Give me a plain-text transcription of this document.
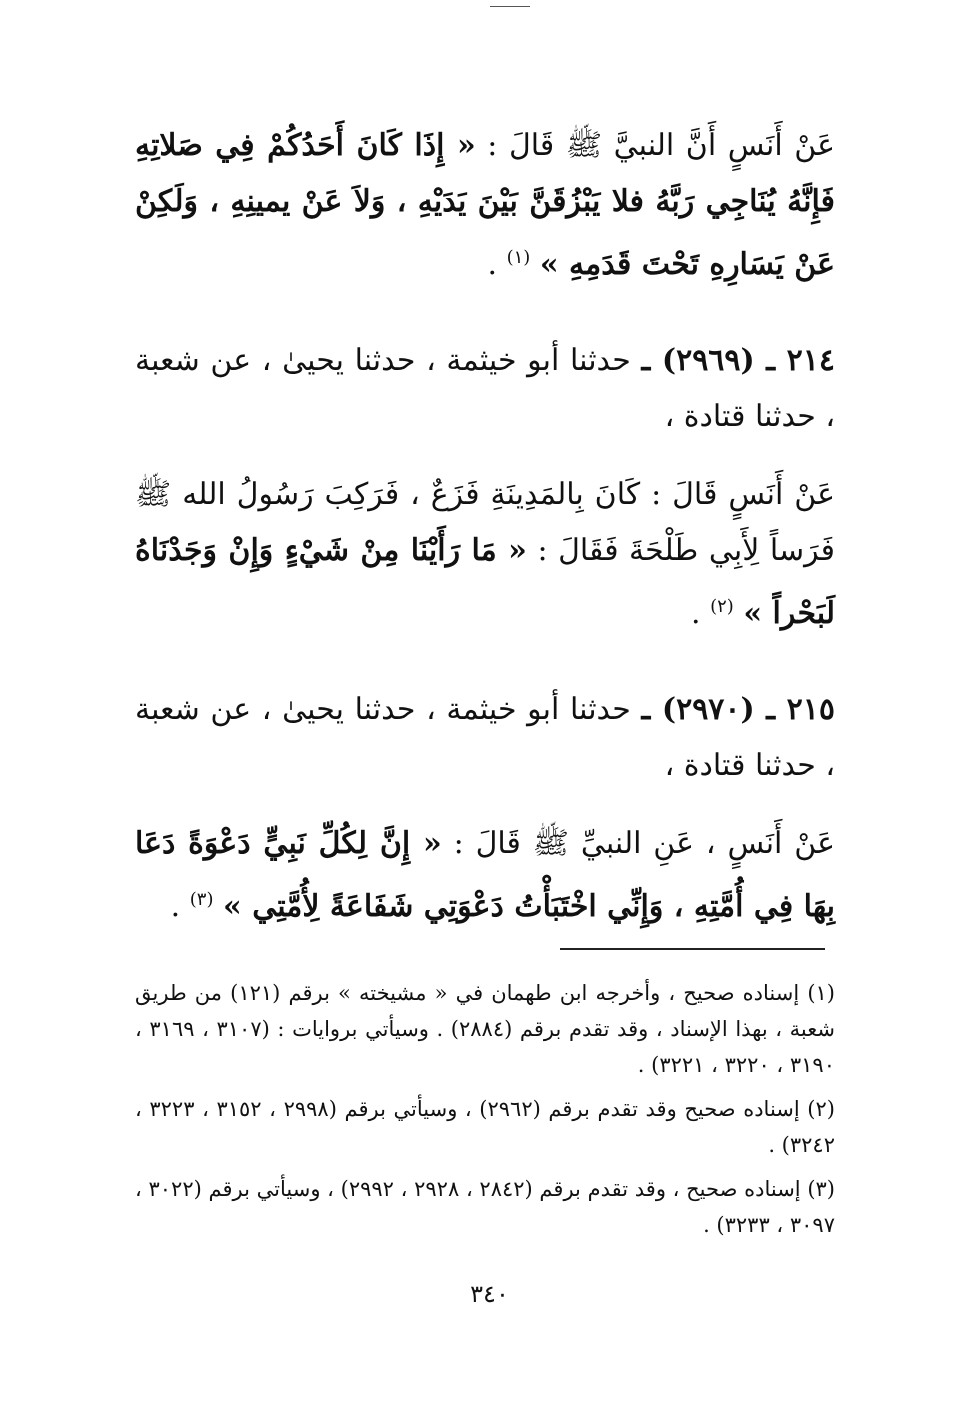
عَنْ أَنَسٍ أَنَّ النبيَّ ﷺ قَالَ : « إِذَا كَانَ أَحَدُكُمْ فِي صَلاتِهِ فَإِنَّهُ يُنَاجِي رَبَّهُ فلا يَبْزُقَنَّ بَيْنَ يَدَيْهِ ، وَلاَ عَنْ يمينِهِ ، وَلَكِنْ عَنْ يَسَارِهِ تَحْتَ قَدَمِهِ » $^{(١)}$ .

٢١٤ ـ (٢٩٦٩) ـ حدثنا أبو خيثمة ، حدثنا يحيىٰ ، عن شعبة ، حدثنا قتادة ،

عَنْ أَنَسٍ قَالَ : كَانَ بِالمَدِينَةِ فَزَعٌ ، فَرَكِبَ رَسُولُ الله ﷺ فَرَساً لِأَبِي طَلْحَةَ فَقَالَ : « مَا رَأَيْنَا مِنْ شَيْءٍ وَإِنْ وَجَدْنَاهُ لَبَحْراً » $^{(٢)}$ .

٢١٥ ـ (٢٩٧٠) ـ حدثنا أبو خيثمة ، حدثنا يحيىٰ ، عن شعبة ، حدثنا قتادة ،

عَنْ أَنَسٍ ، عَنِ النبيِّ ﷺ قَالَ : « إِنَّ لِكُلِّ نَبِيٍّ دَعْوَةً دَعَا بِهَا فِي أُمَّتِهِ ، وَإِنِّي اخْتَبَأْتُ دَعْوَتِي شَفَاعَةً لِأُمَّتِي » $^{(٣)}$ .

(١) إسناده صحيح ، وأخرجه ابن طهمان في « مشيخته » برقم (١٢١) من طريق شعبة ، بهذا الإسناد ، وقد تقدم برقم (٢٨٨٤) . وسيأتي بروايات : (٣١٠٧ ، ٣١٦٩ ، ٣١٩٠ ، ٣٢٢٠ ، ٣٢٢١) .

(٢) إسناده صحيح وقد تقدم برقم (٢٩٦٢) ، وسيأتي برقم (٢٩٩٨ ، ٣١٥٢ ، ٣٢٢٣ ، ٣٢٤٢) .

(٣) إسناده صحيح ، وقد تقدم برقم (٢٨٤٢ ، ٢٩٢٨ ، ٢٩٩٢) ، وسيأتي برقم (٣٠٢٢ ، ٣٠٩٧ ، ٣٢٣٣) .

٣٤٠
